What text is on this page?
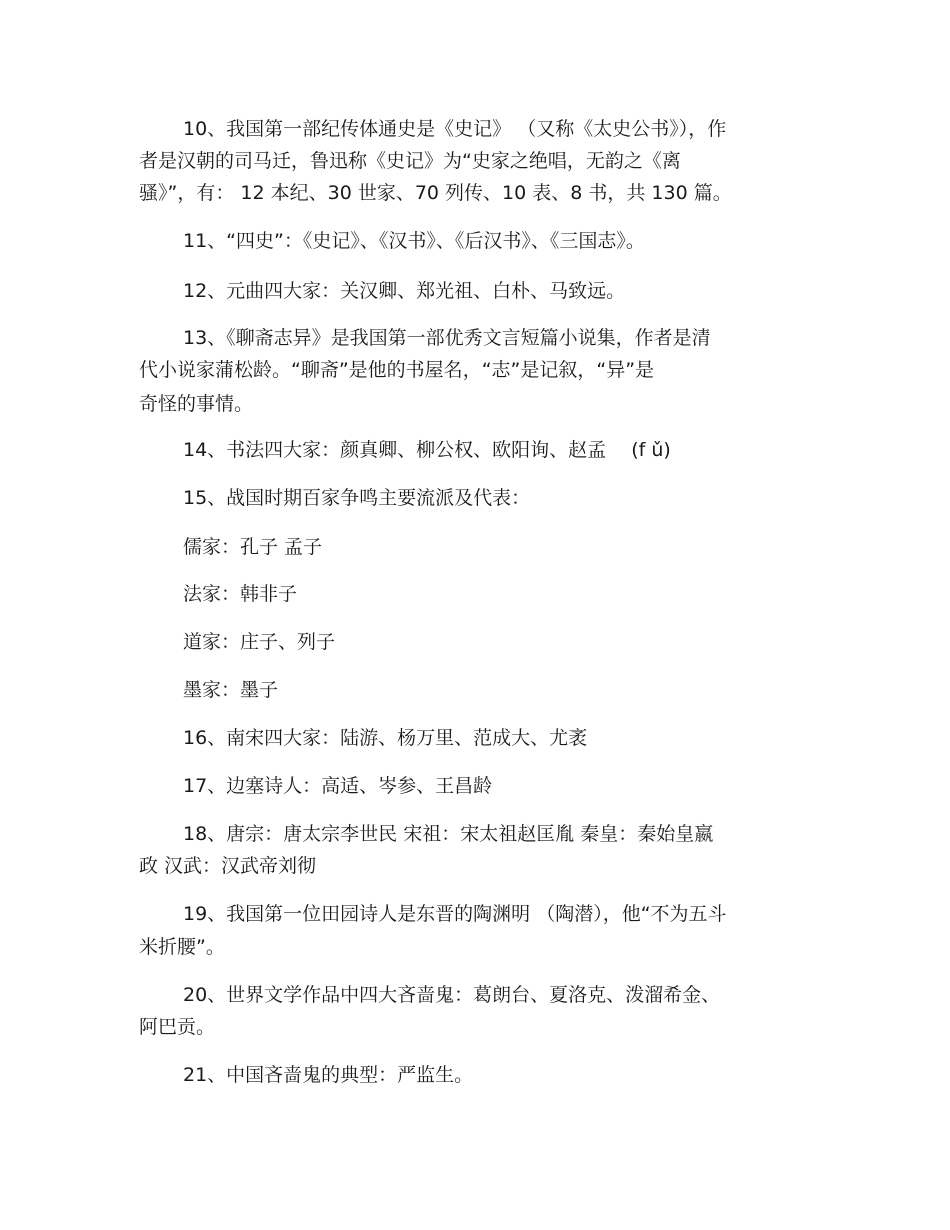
10、我国第一部纪传体通史是《史记》 （又称《太史公书》），作

者是汉朝的司马迁，鲁迅称《史记》为“史家之绝唱，无韵之《离

骚》”，有： 12 本纪、30 世家、70 列传、10 表、8 书，共 130 篇。

11、“四史”：《史记》、《汉书》、《后汉书》、《三国志》。

12、元曲四大家：关汉卿、郑光祖、白朴、马致远。

13、《聊斋志异》是我国第一部优秀文言短篇小说集，作者是清

代小说家蒲松龄。“聊斋”是他的书屋名，“志”是记叙，“异”是

奇怪的事情。

14、书法四大家：颜真卿、柳公权、欧阳询、赵孟 　(f ǔ)

15、战国时期百家争鸣主要流派及代表：

儒家：孔子 孟子

法家：韩非子

道家：庄子、列子

墨家：墨子

16、南宋四大家：陆游、杨万里、范成大、尤袤

17、边塞诗人：高适、岑参、王昌龄

18、唐宗：唐太宗李世民 宋祖：宋太祖赵匡胤 秦皇：秦始皇嬴

政 汉武：汉武帝刘彻

19、我国第一位田园诗人是东晋的陶渊明 （陶潜），他“不为五斗

米折腰”。

20、世界文学作品中四大吝啬鬼：葛朗台、夏洛克、泼溜希金、

阿巴贡。

21、中国吝啬鬼的典型：严监生。
